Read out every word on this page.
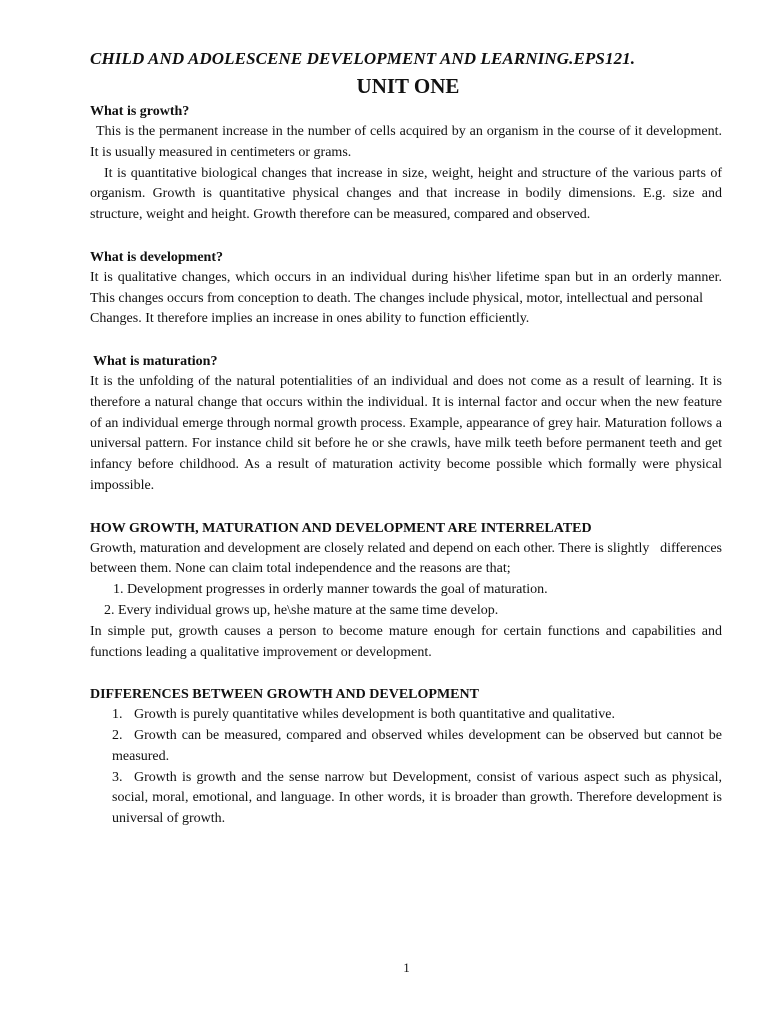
CHILD AND ADOLESCENE DEVELOPMENT AND LEARNING.EPS121.
UNIT ONE
What is growth?

This is the permanent increase in the number of cells acquired by an organism in the course of it development. It is usually measured in centimeters or grams.

It is quantitative biological changes that increase in size, weight, height and structure of the various parts of organism. Growth is quantitative physical changes and that increase in bodily dimensions. E.g. size and structure, weight and height. Growth therefore can be measured, compared and observed.

What is development?

It is qualitative changes, which occurs in an individual during his\her lifetime span but in an orderly manner. This changes occurs from conception to death. The changes include physical, motor, intellectual and personal

Changes. It therefore implies an increase in ones ability to function efficiently.

What is maturation?

It is the unfolding of the natural potentialities of an individual and does not come as a result of learning. It is therefore a natural change that occurs within the individual. It is internal factor and occur when the new feature of an individual emerge through normal growth process. Example, appearance of grey hair. Maturation follows a universal pattern. For instance child sit before he or she crawls, have milk teeth before permanent teeth and get infancy before childhood. As a result of maturation activity become possible which formally were physical impossible.

HOW GROWTH, MATURATION AND DEVELOPMENT ARE INTERRELATED

Growth, maturation and development are closely related and depend on each other. There is slightly   differences between them. None can claim total independence and the reasons are that;

1. Development progresses in orderly manner towards the goal of maturation.
2. Every individual grows up, he\she mature at the same time develop.

In simple put, growth causes a person to become mature enough for certain functions and capabilities and functions leading a qualitative improvement or development.

DIFFERENCES BETWEEN GROWTH AND DEVELOPMENT
1. Growth is purely quantitative whiles development is both quantitative and qualitative.
2. Growth can be measured, compared and observed whiles development can be observed but cannot be measured.
3. Growth is growth and the sense narrow but Development, consist of various aspect such as physical, social, moral, emotional, and language. In other words, it is broader than growth. Therefore development is universal of growth.
1
